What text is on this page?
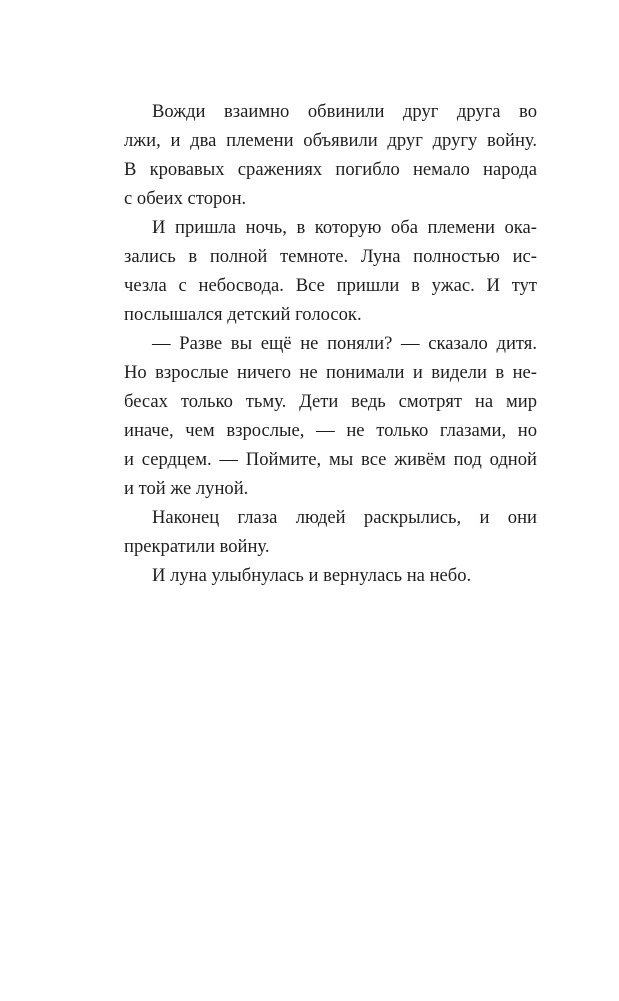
Вожди взаимно обвинили друг друга во
лжи, и два племени объявили друг другу войну.
В кровавых сражениях погибло немало народа
с обеих сторон.
И пришла ночь, в которую оба племени ока-
зались в полной темноте. Луна полностью ис-
чезла с небосвода. Все пришли в ужас. И тут
послышался детский голосок.
— Разве вы ещё не поняли? — сказало дитя.
Но взрослые ничего не понимали и видели в не-
бесах только тьму. Дети ведь смотрят на мир
иначе, чем взрослые, — не только глазами, но
и сердцем. — Поймите, мы все живём под одной
и той же луной.
Наконец глаза людей раскрылись, и они
прекратили войну.
И луна улыбнулась и вернулась на небо.
